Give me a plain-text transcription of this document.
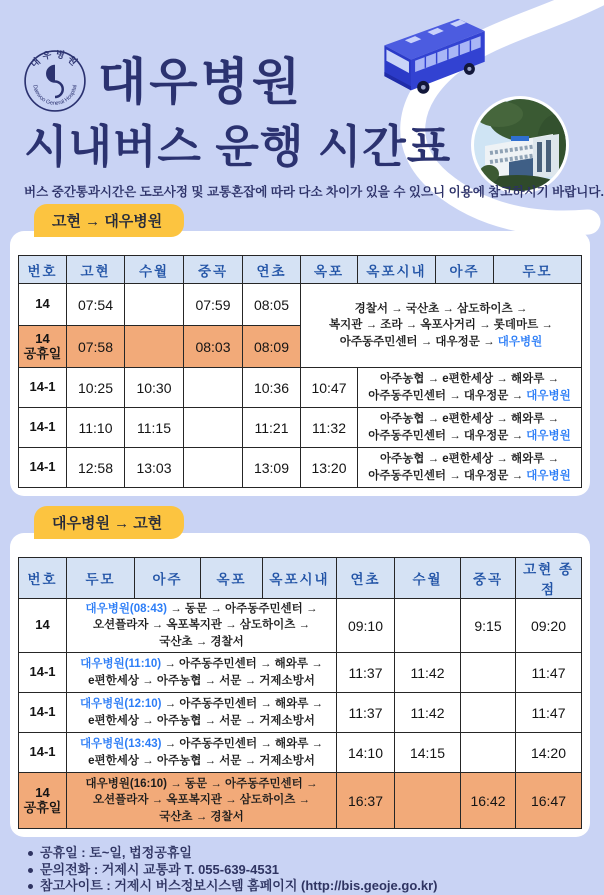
대우병원
Daewoo General Hospital 대우병원
시내버스 운행 시간표
버스 중간통과시간은 도로사정 및 교통혼잡에 따라 다소 차이가 있을 수 있으니 이용에 참고하시기 바랍니다.
고현 → 대우병원
번호	고현	수월	중곡	연초	옥포	옥포시내	아주	두모
14	07:54		07:59	08:05	경찰서 → 국산초 → 삼도하이츠 →
복지관 → 조라 → 옥포사거리 → 롯데마트 →
아주동주민센터 → 대우정문 → 대우병원			
14
공휴일	07:58		08:03	08:09				
14-1	10:25	10:30		10:36	10:47	아주농협 → e편한세상 → 해와루 →
아주동주민센터 → 대우정문 → 대우병원		
14-1	11:10	11:15		11:21	11:32	아주농협 → e편한세상 → 해와루 →
아주동주민센터 → 대우정문 → 대우병원		
14-1	12:58	13:03		13:09	13:20	아주농협 → e편한세상 → 해와루 →
아주동주민센터 → 대우정문 → 대우병원		
대우병원 → 고현
번호	두모	아주	옥포	옥포시내	연초	수월	중곡	고현 종점
14	대우병원(08:43) → 동문 → 아주동주민센터 →
오션플라자 → 옥포복지관 → 삼도하이츠 →
국산초 → 경찰서				09:10		9:15	09:20
14-1	대우병원(11:10) → 아주동주민센터 → 해와루 →
e편한세상 → 아주농협 → 서문 → 거제소방서				11:37	11:42		11:47
14-1	대우병원(12:10) → 아주동주민센터 → 해와루 →
e편한세상 → 아주농협 → 서문 → 거제소방서				11:37	11:42		11:47
14-1	대우병원(13:43) → 아주동주민센터 → 해와루 →
e편한세상 → 아주농협 → 서문 → 거제소방서				14:10	14:15		14:20
14
공휴일	대우병원(16:10) → 동문 → 아주동주민센터 →
오션플라자 → 옥포복지관 → 삼도하이츠 →
국산초 → 경찰서				16:37		16:42	16:47
공휴일 : 토~일, 법정공휴일
문의전화 : 거제시 교통과 T. 055-639-4531
참고사이트 : 거제시 버스정보시스템 홈페이지 (http://bis.geoje.go.kr)
